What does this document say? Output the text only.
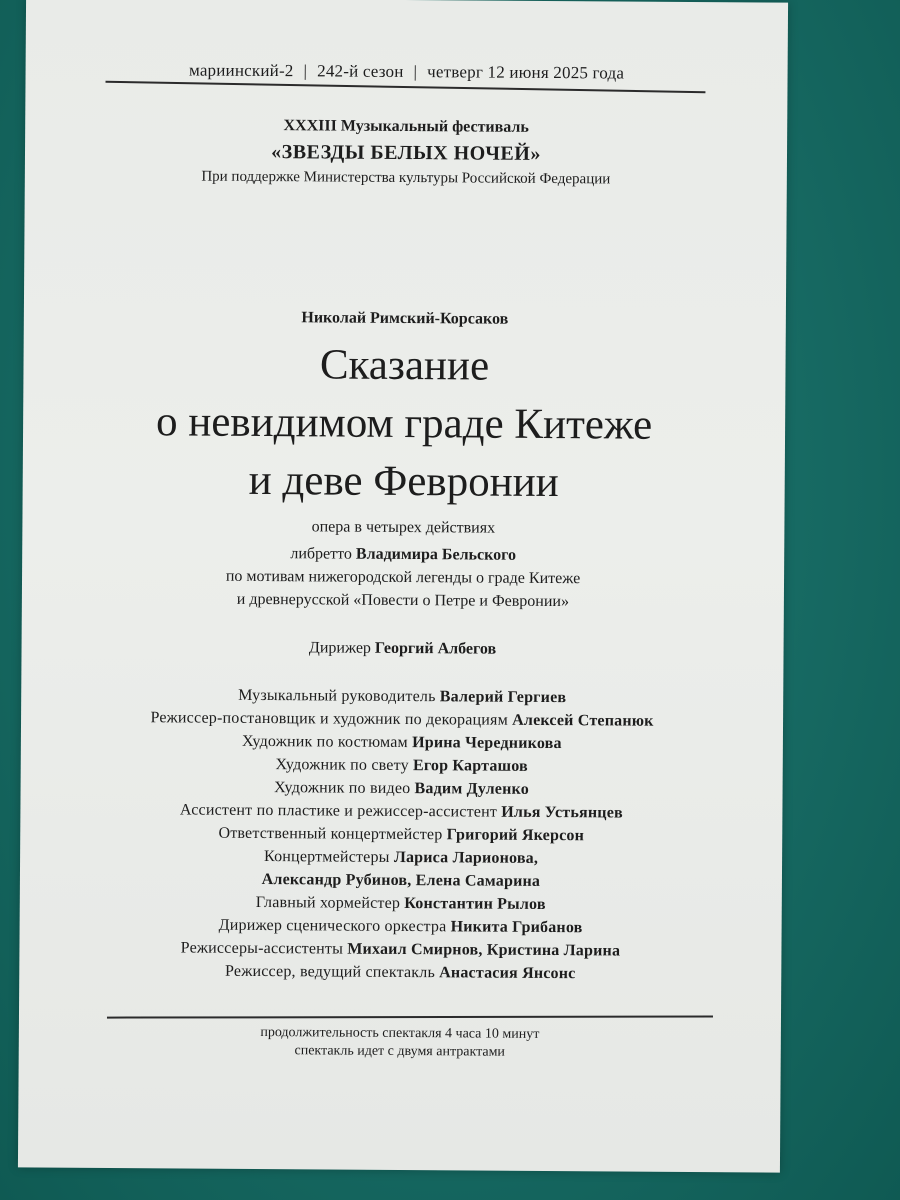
мариинский-2 | 242-й сезон | четверг 12 июня 2025 года
XXXIII Музыкальный фестиваль
«ЗВЕЗДЫ БЕЛЫХ НОЧЕЙ»
При поддержке Министерства культуры Российской Федерации
Николай Римский-Корсаков
Сказание
о невидимом граде Китеже
и деве Февронии
опера в четырех действиях
либретто Владимира Бельского
по мотивам нижегородской легенды о граде Китеже
и древнерусской «Повести о Петре и Февронии»
Дирижер Георгий Албегов
Музыкальный руководитель Валерий Гергиев
Режиссер-постановщик и художник по декорациям Алексей Степанюк
Художник по костюмам Ирина Чередникова
Художник по свету Егор Карташов
Художник по видео Вадим Дуленко
Ассистент по пластике и режиссер-ассистент Илья Устьянцев
Ответственный концертмейстер Григорий Якерсон
Концертмейстеры Лариса Ларионова,
Александр Рубинов, Елена Самарина
Главный хормейстер Константин Рылов
Дирижер сценического оркестра Никита Грибанов
Режиссеры-ассистенты Михаил Смирнов, Кристина Ларина
Режиссер, ведущий спектакль Анастасия Янсонс
продолжительность спектакля 4 часа 10 минут
спектакль идет с двумя антрактами
